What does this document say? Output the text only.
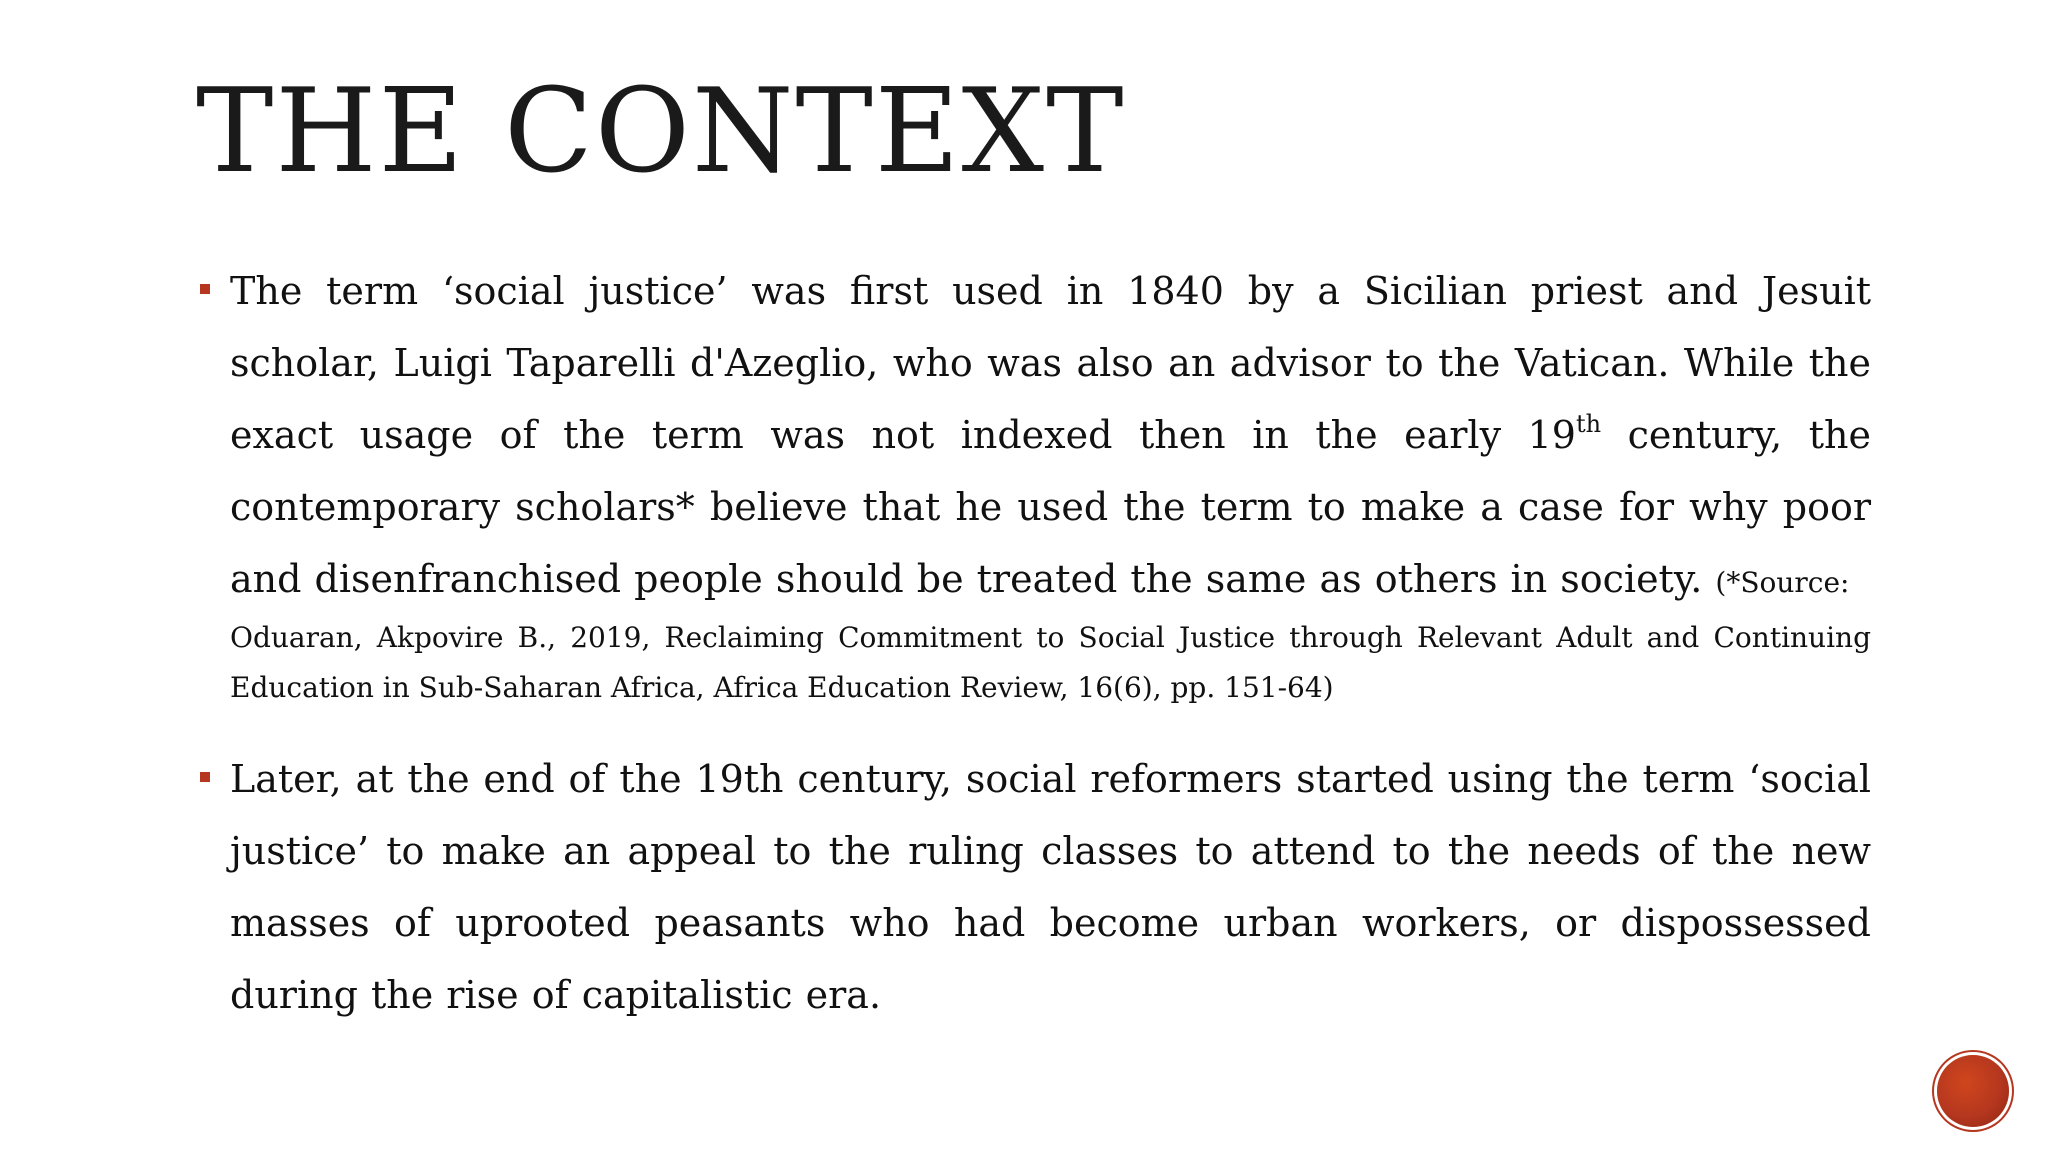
THE CONTEXT

The term ‘social justice’ was first used in 1840 by a Sicilian priest and Jesuit scholar, Luigi Taparelli d'Azeglio, who was also an advisor to the Vatican. While the exact usage of the term was not indexed then in the early 19th century, the contemporary scholars* believe that he used the term to make a case for why poor and disenfranchised people should be treated the same as others in society. (*Source:

Oduaran, Akpovire B., 2019, Reclaiming Commitment to Social Justice through Relevant Adult and Continuing Education in Sub-Saharan Africa, Africa Education Review, 16(6), pp. 151-64)

Later, at the end of the 19th century, social reformers started using the term ‘social justice’ to make an appeal to the ruling classes to attend to the needs of the new masses of uprooted peasants who had become urban workers, or dispossessed during the rise of capitalistic era.
